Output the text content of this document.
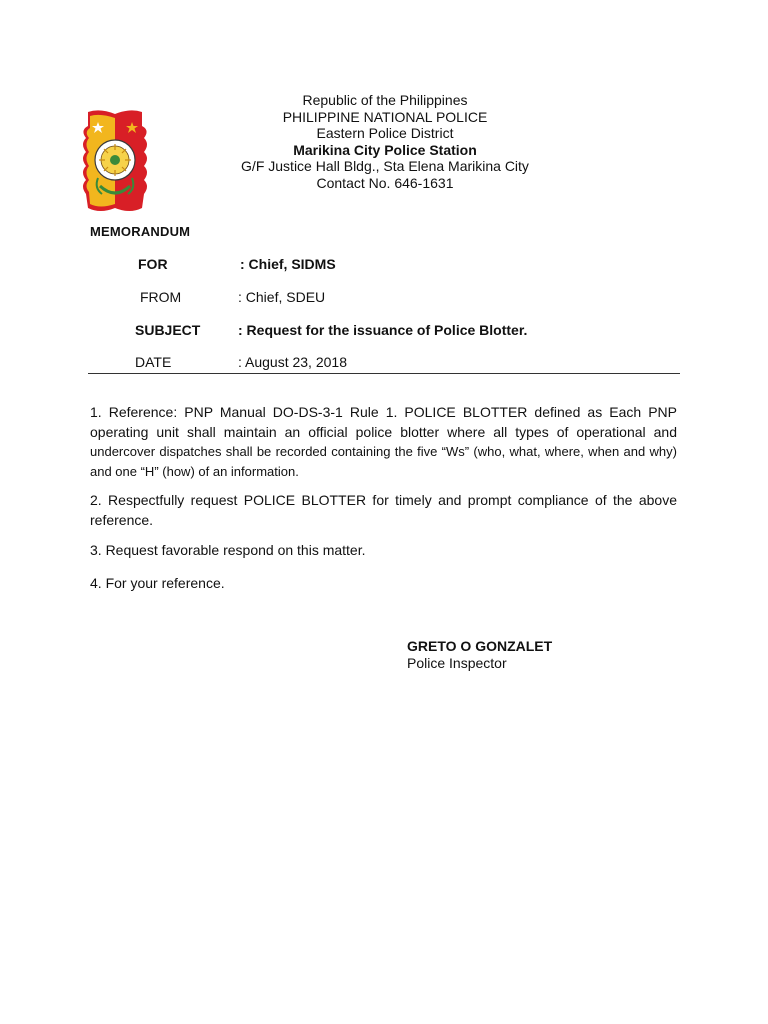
Republic of the Philippines
PHILIPPINE NATIONAL POLICE
Eastern Police District
Marikina City Police Station
G/F Justice Hall Bldg., Sta Elena Marikina City
Contact No. 646-1631
MEMORANDUM
FOR	: Chief, SIDMS
FROM	: Chief, SDEU
SUBJECT	: Request for the issuance of Police Blotter.
DATE	: August 23, 2018
1. Reference: PNP Manual DO-DS-3-1 Rule 1. POLICE BLOTTER defined as Each PNP operating unit shall maintain an official police blotter where all types of operational and undercover dispatches shall be recorded containing the five “Ws” (who, what, where, when and why) and one “H” (how) of an information.
2. Respectfully request POLICE BLOTTER for timely and prompt compliance of the above reference.
3. Request favorable respond on this matter.
4. For your reference.
GRETO O GONZALET
Police Inspector
